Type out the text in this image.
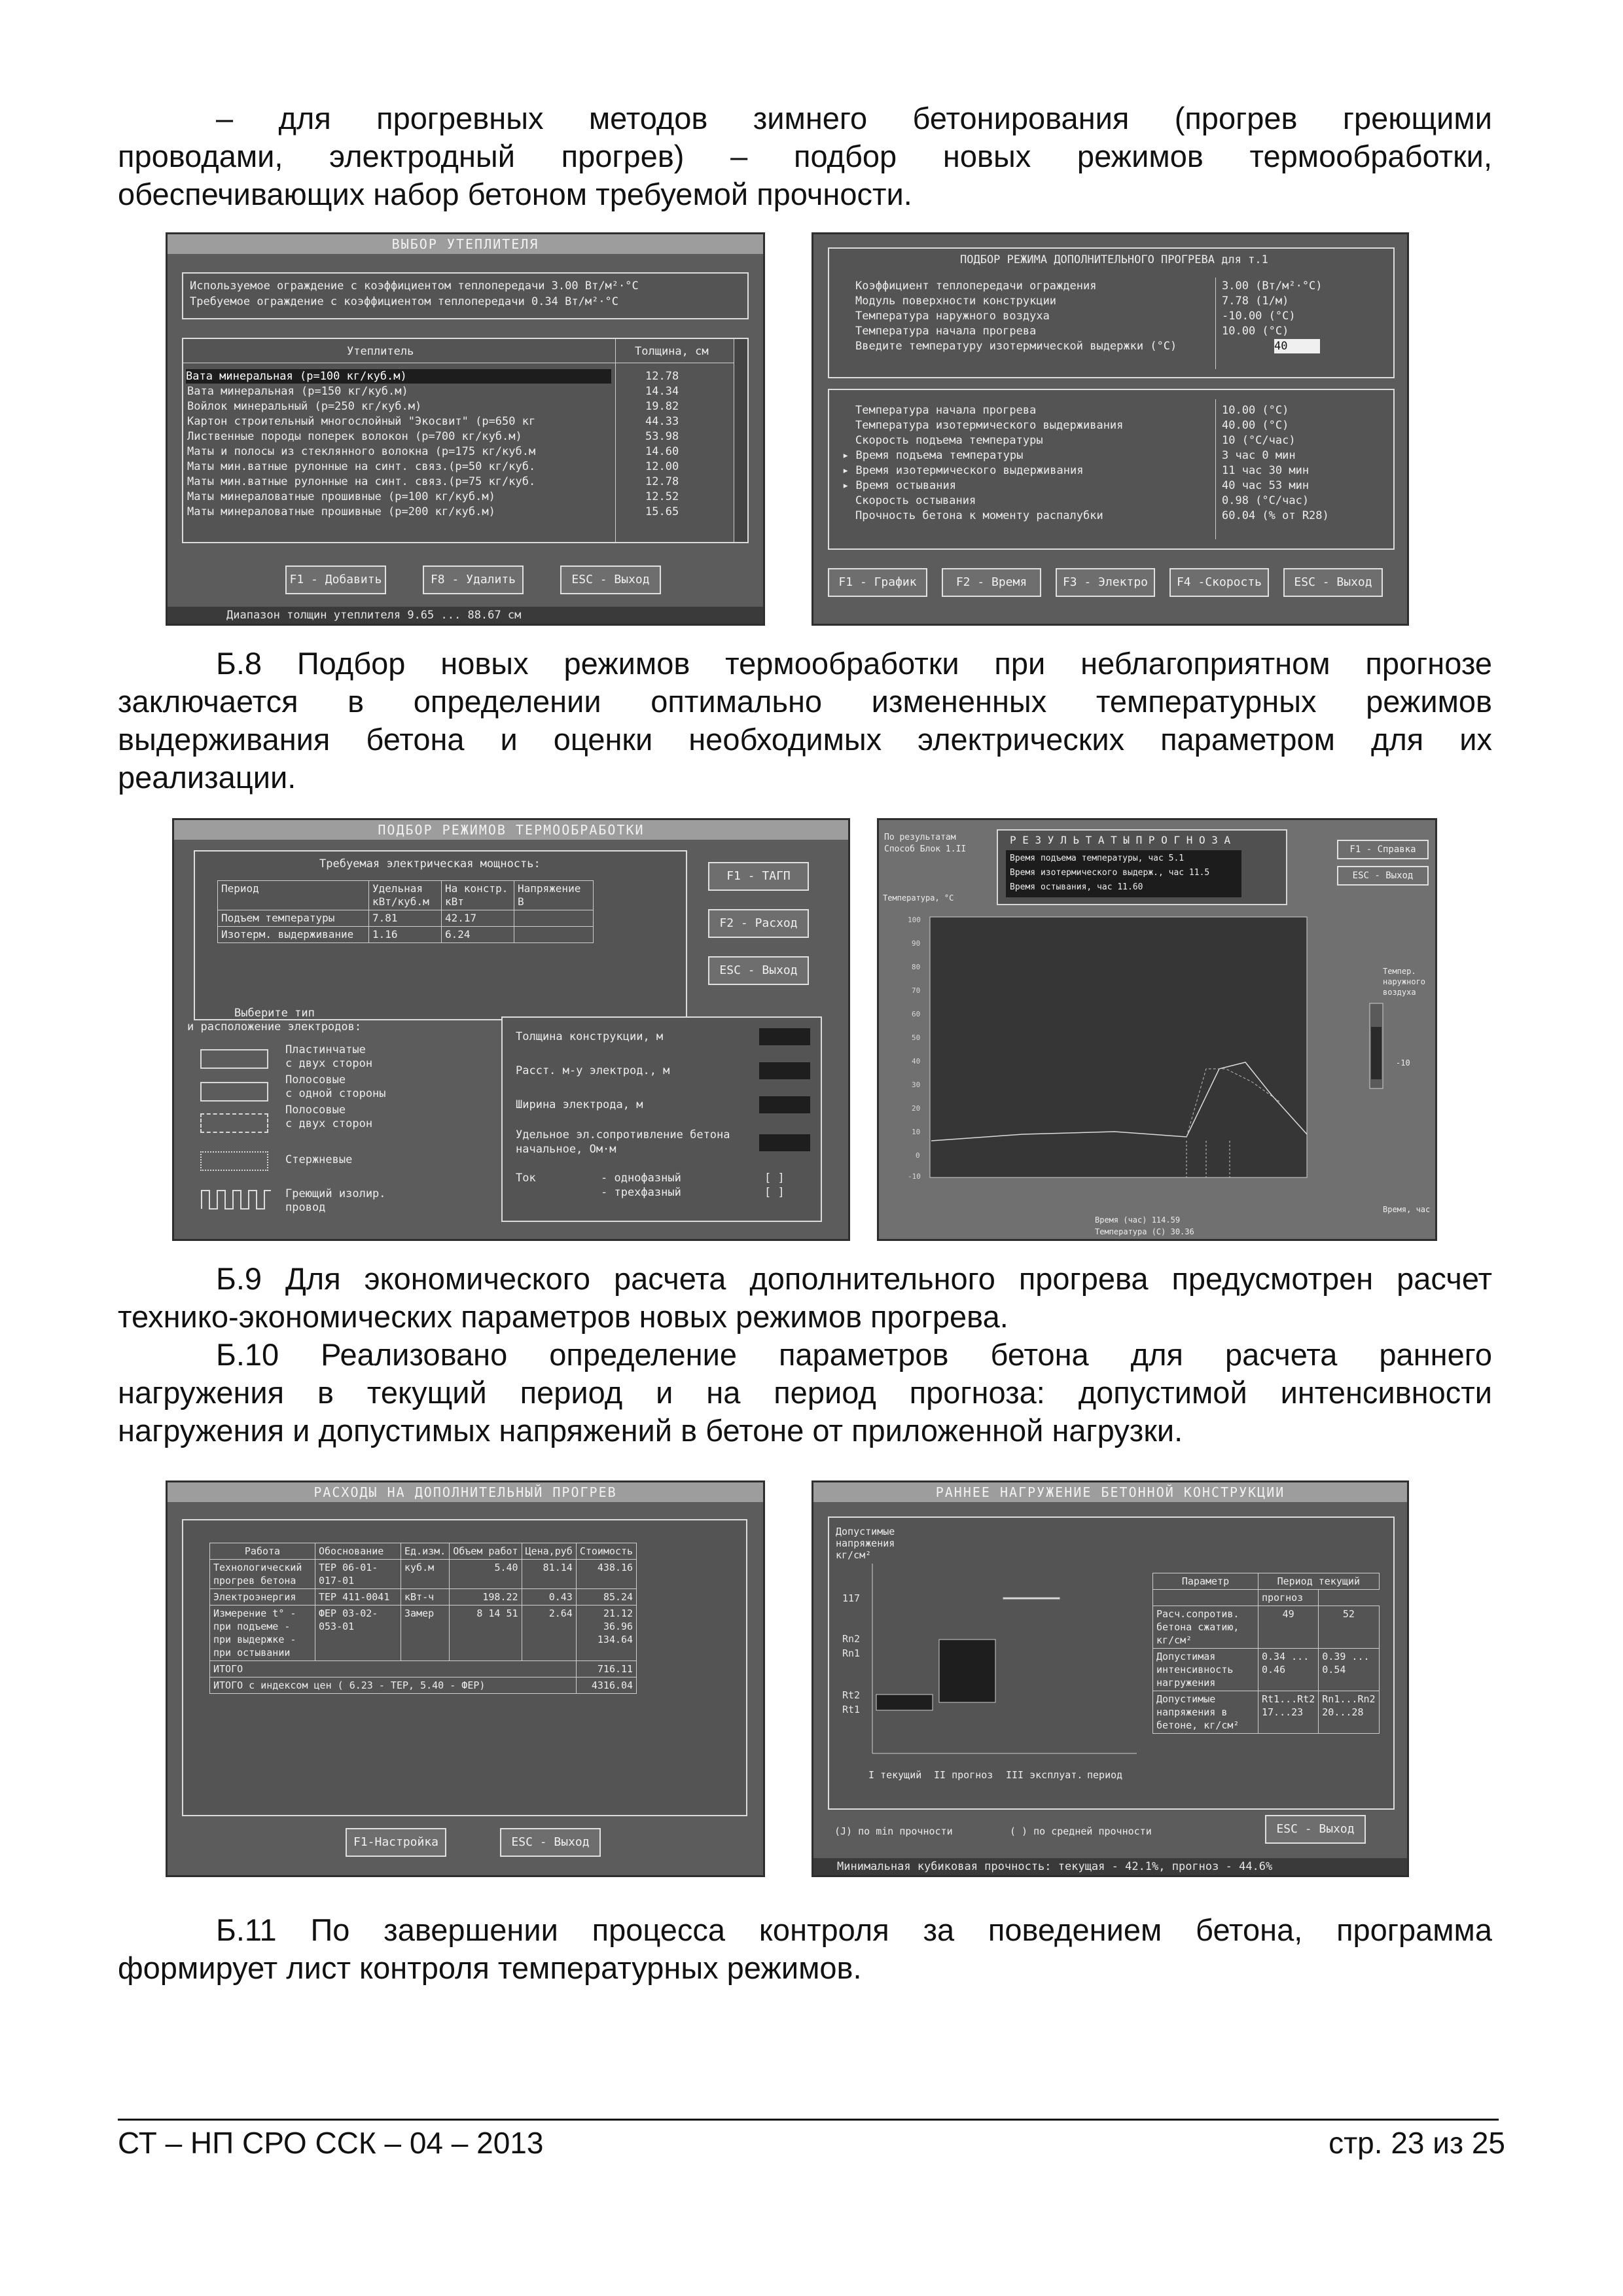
– для прогревных методов зимнего бетонирования (прогрев греющими
проводами, электродный прогрев) – подбор новых режимов термообработки,
обеспечивающих набор бетоном требуемой прочности.
ВЫБОР УТЕПЛИТЕЛЯ
Используемое ограждение с коэффициентом теплопередачи 3.00 Вт/м²·°С
Требуемое ограждение с коэффициентом теплопередачи 0.34 Вт/м²·°С
Утеплитель	Толщина, см
Вата минеральная (р=100 кг/куб.м)	12.78
Вата минеральная (р=150 кг/куб.м)	14.34
Войлок минеральный (р=250 кг/куб.м)	19.82
Картон строительный многослойный "Экосвит" (р=650 кг	44.33
Лиственные породы поперек волокон (р=700 кг/куб.м)	53.98
Маты и полосы из стеклянного волокна (р=175 кг/куб.м	14.60
Маты мин.ватные рулонные на синт. связ.(р=50 кг/куб.	12.00
Маты мин.ватные рулонные на синт. связ.(р=75 кг/куб.	12.78
Маты минераловатные прошивные (р=100 кг/куб.м)	12.52
Маты минераловатные прошивные (р=200 кг/куб.м)	15.65
F1 - Добавить	F8 - Удалить	ESC - Выход
Диапазон толщин утеплителя 9.65 ... 88.67 см
ПОДБОР РЕЖИМА ДОПОЛНИТЕЛЬНОГО ПРОГРЕВА для т.1
Коэффициент теплопередачи ограждения	3.00 (Вт/м²·°С)
Модуль поверхности конструкции	7.78 (1/м)
Температура наружного воздуха	-10.00 (°С)
Температура начала прогрева	10.00 (°С)
Введите температуру изотермической выдержки (°С)	40
Температура начала прогрева	10.00 (°С)
Температура изотермического выдерживания	40.00 (°С)
Скорость подъема температуры	10 (°С/час)
▸ Время подъема температуры	3 час 0 мин
▸ Время изотермического выдерживания	11 час 30 мин
▸ Время остывания	40 час 53 мин
Скорость остывания	0.98 (°С/час)
Прочность бетона к моменту распалубки	60.04 (% от R28)
F1 - График	F2 - Время	F3 - Электро	F4 -Скорость	ESC - Выход
Б.8 Подбор новых режимов термообработки при неблагоприятном прогнозе
заключается в определении оптимально измененных температурных режимов
выдерживания бетона и оценки необходимых электрических параметром для их
реализации.
ПОДБОР РЕЖИМОВ ТЕРМООБРАБОТКИ
Требуемая электрическая мощность:
Период	Удельная кВт/куб.м	На констр. кВт	Напряжение В
Подъем температуры	7.81	42.17	
Изотерм. выдерживание	1.16	6.24	
F1 - ТАГП
F2 - Расход
ESC - Выход
Выберите тип
и расположение электродов:
Пластинчатые
с двух сторон
Полосовые
с одной стороны
Полосовые
с двух сторон
Стержневые
Греющий изолир.
провод
Толщина конструкции, м
Расст. м-у электрод., м
Ширина электрода, м
Удельное эл.сопротивление бетона начальное, Ом·м
Ток	- однофазный	[ ]
- трехфазный	[ ]
По результатам
Способ Блок 1.II
Р Е З У Л Ь Т А Т Ы П Р О Г Н О З А
Время подъема температуры, час 5.1
Время изотермического выдерж., час 11.5
Время остывания, час 11.60
F1 - Справка
ESC - Выход
Температура, °С
100
90
80
70
60
50
40
30
20
10
0
-10
Темпер.
наружного
воздуха
-10
Время, час
Время (час) 114.59
Температура (С) 30.36
Б.9 Для экономического расчета дополнительного прогрева предусмотрен расчет
технико-экономических параметров новых режимов прогрева.
Б.10 Реализовано определение параметров бетона для расчета раннего
нагружения в текущий период и на период прогноза: допустимой интенсивности
нагружения и допустимых напряжений в бетоне от приложенной нагрузки.
РАСХОДЫ НА ДОПОЛНИТЕЛЬНЫЙ ПРОГРЕВ
Работа	Обоснование	Ед.изм.	Объем работ	Цена,руб	Стоимость
Технологический прогрев бетона	ТЕР 06-01-017-01	куб.м	5.40	81.14	438.16
Электроэнергия	ТЕР 411-0041	кВт-ч	198.22	0.43	85.24
Измерение t° - при подъеме - при выдержке - при остывании	ФЕР 03-02-053-01	Замер	8 14 51	2.64	21.12 36.96 134.64
ИТОГО					716.11
ИТОГО с индексом цен ( 6.23 - ТЕР, 5.40 - ФЕР)					4316.04
F1-Настройка	ESC - Выход
РАННЕЕ НАГРУЖЕНИЕ БЕТОННОЙ КОНСТРУКЦИИ
Допустимые
напряжения
кг/см²
117
Rn2
Rn1
Rt2
Rt1
I текущий II прогноз III эксплуат. период
Параметр	Период текущий	
	прогноз	
Расч.сопротив. бетона сжатию, кг/см²	49	52
Допустимая интенсивность нагружения	0.34 ... 0.46	0.39 ... 0.54
Допустимые напряжения в бетоне, кг/см²	Rt1...Rt2 17...23	Rn1...Rn2 20...28
(J) по min прочности	( ) по средней прочности	ESC - Выход
Минимальная кубиковая прочность: текущая - 42.1%, прогноз - 44.6%
Б.11 По завершении процесса контроля за поведением бетона, программа
формирует лист контроля температурных режимов.
СТ – НП СРО ССК – 04 – 2013	стр. 23 из 25
